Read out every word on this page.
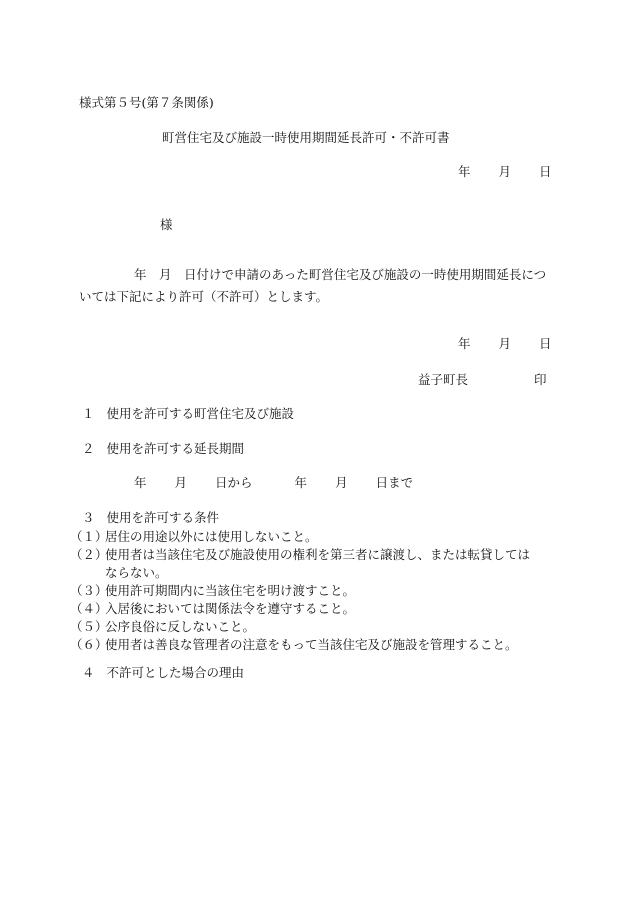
様式第５号(第７条関係)
町営住宅及び施設一時使用期間延長許可・不許可書
年 月 日
様
年　月　日付けで申請のあった町営住宅及び施設の一時使用期間延長については下記により許可（不許可）とします。
年 月 日
益子町長	印
１ 使用を許可する町営住宅及び施設
２ 使用を許可する延長期間
年 月 日から	年 月 日まで
３ 使用を許可する条件
（１）居住の用途以外には使用しないこと。
（２）使用者は当該住宅及び施設使用の権利を第三者に譲渡し、または転貸しては
ならない。
（３）使用許可期間内に当該住宅を明け渡すこと。
（４）入居後においては関係法令を遵守すること。
（５）公序良俗に反しないこと。
（６）使用者は善良な管理者の注意をもって当該住宅及び施設を管理すること。
４ 不許可とした場合の理由
